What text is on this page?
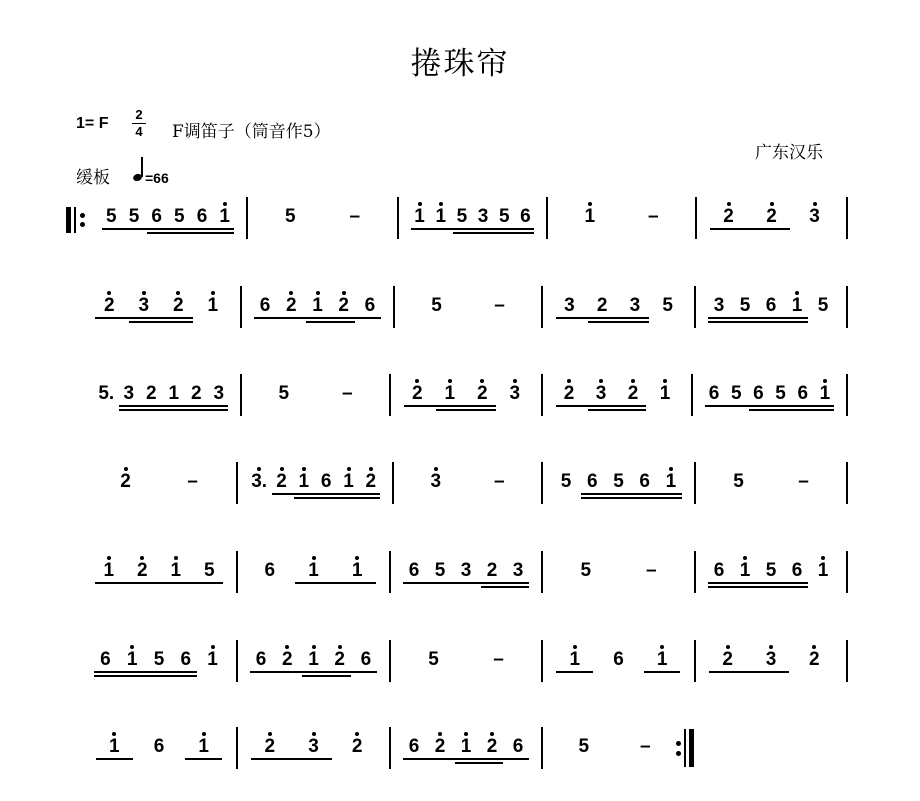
捲珠帘
1= F
2
4 F调笛子（筒音作5）
广东汉乐
缓板	=66
5 5 6 5 6 1	5	–	1 1 5 3 5 6	1	–	2 2 3
2 3 2 1 6 2 1 2 6	5	–	3 2 3 5 3 5 6 1 5
5. 3 2 1 2 3	5	–	2 1 2 3 2 3 2 1 6 5 6 5 6 1
2	–	3. 2 1 6 1 2	3	–	5 6 5 6 1	5	–
1 2 1 5	6 1 1 6 5 3 2 3	5	–	6 1 5 6 1
6 1 5 6 1 6 2 1 2 6	5	–	1 6 1	2 3 2
1 6 1	2 3 2 6 2 1 2 6	5	–
